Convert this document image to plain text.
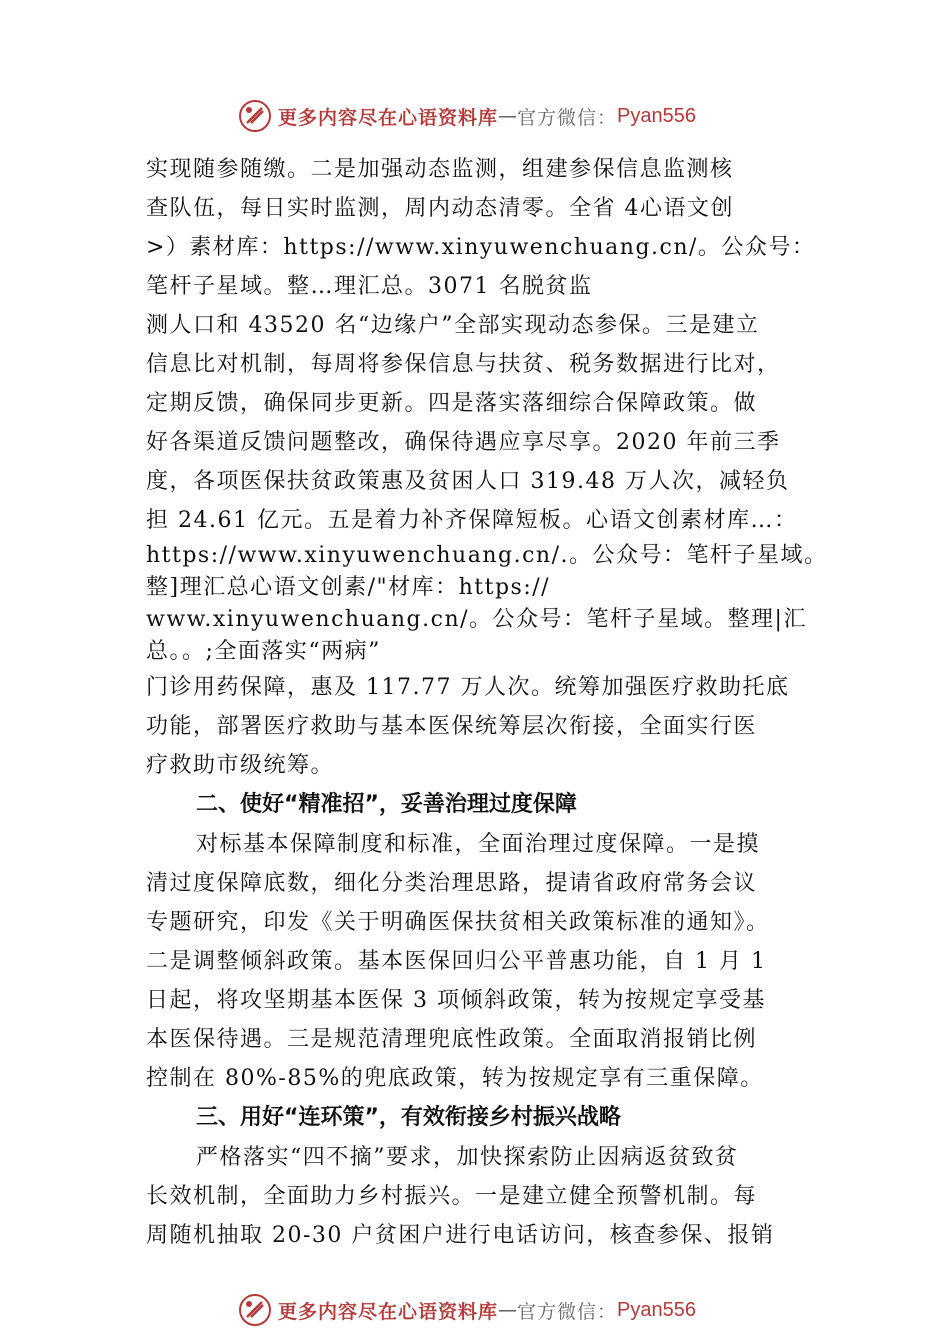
更多内容尽在心语资料库 — 官方微信： Pyan556
实现随参随缴。二是加强动态监测，组建参保信息监测核
查队伍，每日实时监测，周内动态清零。全省 4心语文创
>）素材库：https://www.xinyuwenchuang.cn/。公众号：
笔杆子星域。整…理汇总。3071 名脱贫监
测人口和 43520 名“边缘户”全部实现动态参保。三是建立
信息比对机制，每周将参保信息与扶贫、税务数据进行比对，
定期反馈，确保同步更新。四是落实落细综合保障政策。做
好各渠道反馈问题整改，确保待遇应享尽享。2020 年前三季
度，各项医保扶贫政策惠及贫困人口 319.48 万人次，减轻负
担 24.61 亿元。五是着力补齐保障短板。心语文创素材库…：
https://www.xinyuwenchuang.cn/.。公众号：笔杆子星域。
整]理汇总心语文创素/"材库：https://
www.xinyuwenchuang.cn/。公众号：笔杆子星域。整理|汇
总。。;全面落实“两病”
门诊用药保障，惠及 117.77 万人次。统筹加强医疗救助托底
功能，部署医疗救助与基本医保统筹层次衔接，全面实行医
疗救助市级统筹。
二、使好“精准招”，妥善治理过度保障
对标基本保障制度和标准，全面治理过度保障。一是摸
清过度保障底数，细化分类治理思路，提请省政府常务会议
专题研究，印发《关于明确医保扶贫相关政策标准的通知》。
二是调整倾斜政策。基本医保回归公平普惠功能，自 1 月 1
日起，将攻坚期基本医保 3 项倾斜政策，转为按规定享受基
本医保待遇。三是规范清理兜底性政策。全面取消报销比例
控制在 80%-85%的兜底政策，转为按规定享有三重保障。
三、用好“连环策”，有效衔接乡村振兴战略
严格落实“四不摘”要求，加快探索防止因病返贫致贫
长效机制，全面助力乡村振兴。一是建立健全预警机制。每
周随机抽取 20-30 户贫困户进行电话访问，核查参保、报销
更多内容尽在心语资料库 — 官方微信： Pyan556
